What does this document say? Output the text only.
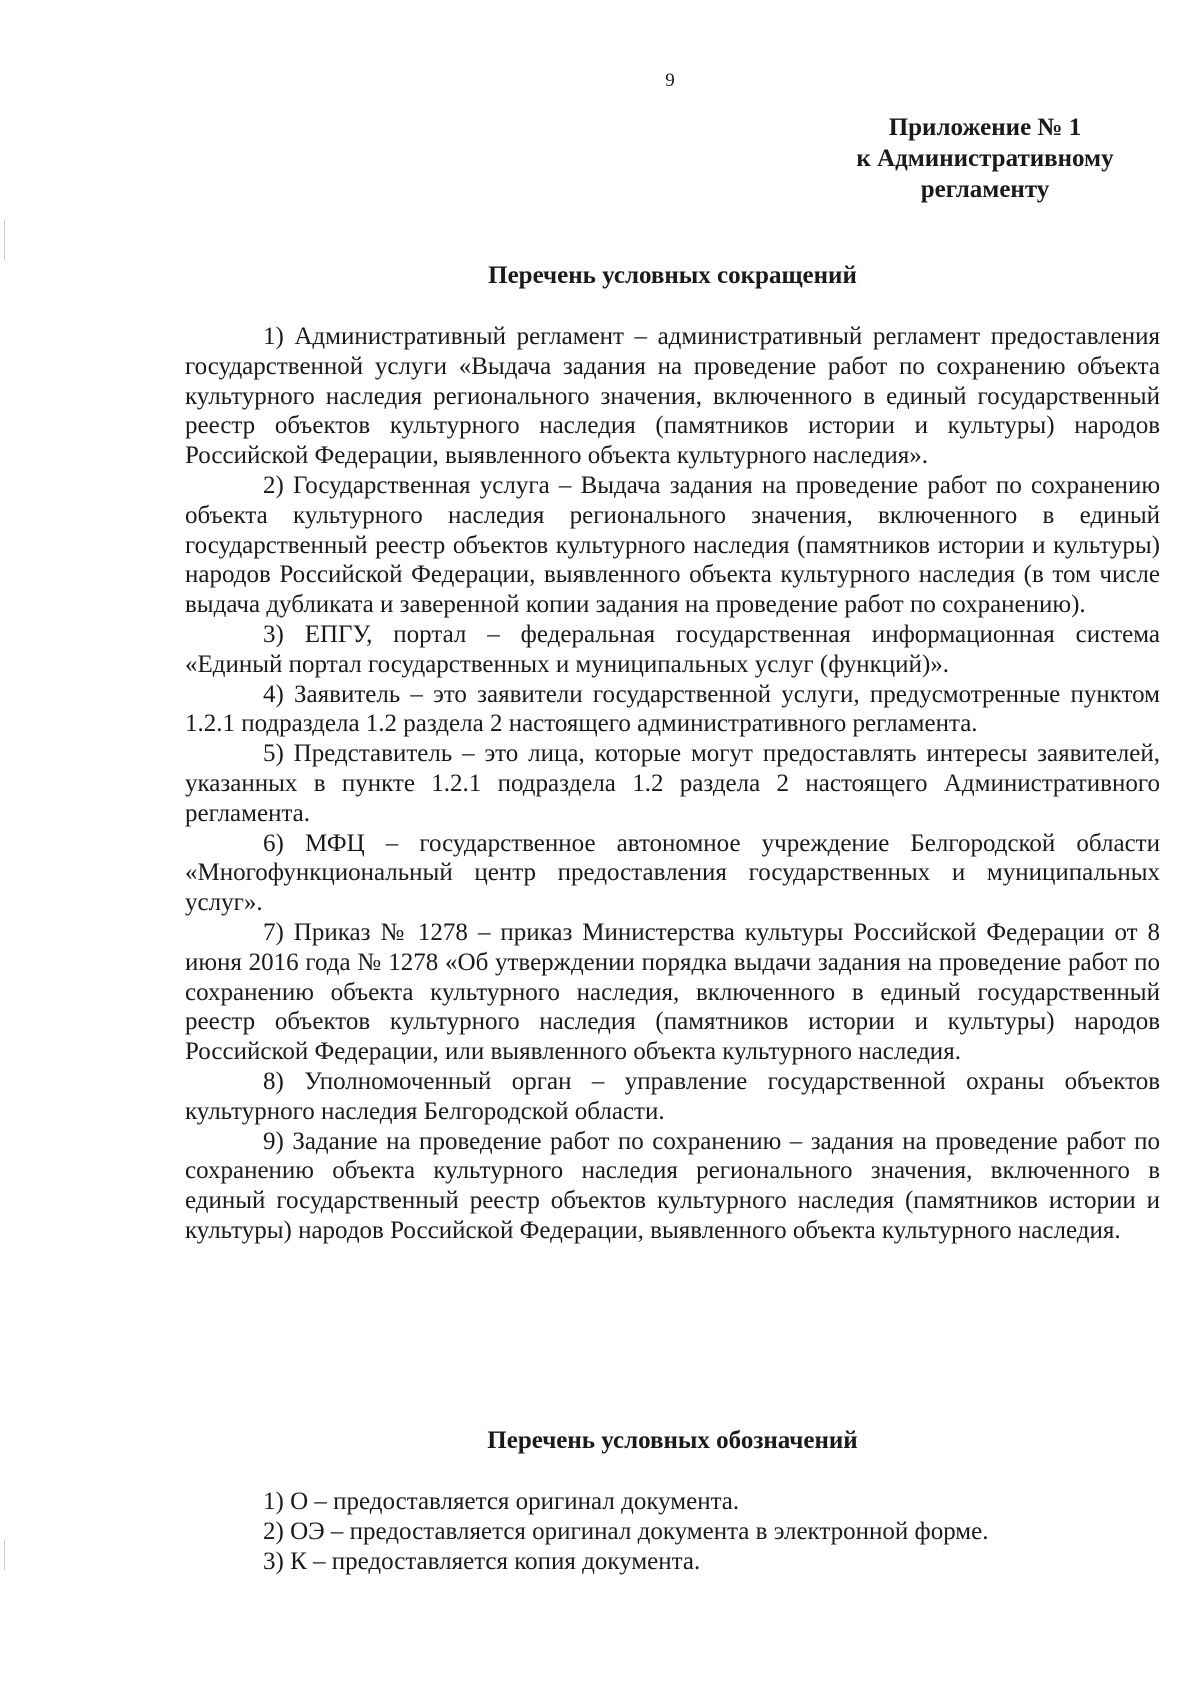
9
Приложение № 1
к Административному
регламенту
Перечень условных сокращений

1) Административный регламент – административный регламент предоставления государственной услуги «Выдача задания на проведение работ по сохранению объекта культурного наследия регионального значения, включенного в единый государственный реестр объектов культурного наследия (памятников истории и культуры) народов Российской Федерации, выявленного объекта культурного наследия».

2) Государственная услуга – Выдача задания на проведение работ по сохранению объекта культурного наследия регионального значения, включенного в единый государственный реестр объектов культурного наследия (памятников истории и культуры) народов Российской Федерации, выявленного объекта культурного наследия (в том числе выдача дубликата и заверенной копии задания на проведение работ по сохранению).

3) ЕПГУ, портал – федеральная государственная информационная система «Единый портал государственных и муниципальных услуг (функций)».

4) Заявитель – это заявители государственной услуги, предусмотренные пунктом 1.2.1 подраздела 1.2 раздела 2 настоящего административного регламента.

5) Представитель – это лица, которые могут предоставлять интересы заявителей, указанных в пункте 1.2.1 подраздела 1.2 раздела 2 настоящего Административного регламента.

6) МФЦ – государственное автономное учреждение Белгородской области «Многофункциональный центр предоставления государственных и муниципальных услуг».

7) Приказ № 1278 – приказ Министерства культуры Российской Федерации от 8 июня 2016 года № 1278 «Об утверждении порядка выдачи задания на проведение работ по сохранению объекта культурного наследия, включенного в единый государственный реестр объектов культурного наследия (памятников истории и культуры) народов Российской Федерации, или выявленного объекта культурного наследия.

8) Уполномоченный орган – управление государственной охраны объектов культурного наследия Белгородской области.

9) Задание на проведение работ по сохранению – задания на проведение работ по сохранению объекта культурного наследия регионального значения, включенного в единый государственный реестр объектов культурного наследия (памятников истории и культуры) народов Российской Федерации, выявленного объекта культурного наследия.

Перечень условных обозначений

1) О – предоставляется оригинал документа.

2) ОЭ – предоставляется оригинал документа в электронной форме.

3) К – предоставляется копия документа.
